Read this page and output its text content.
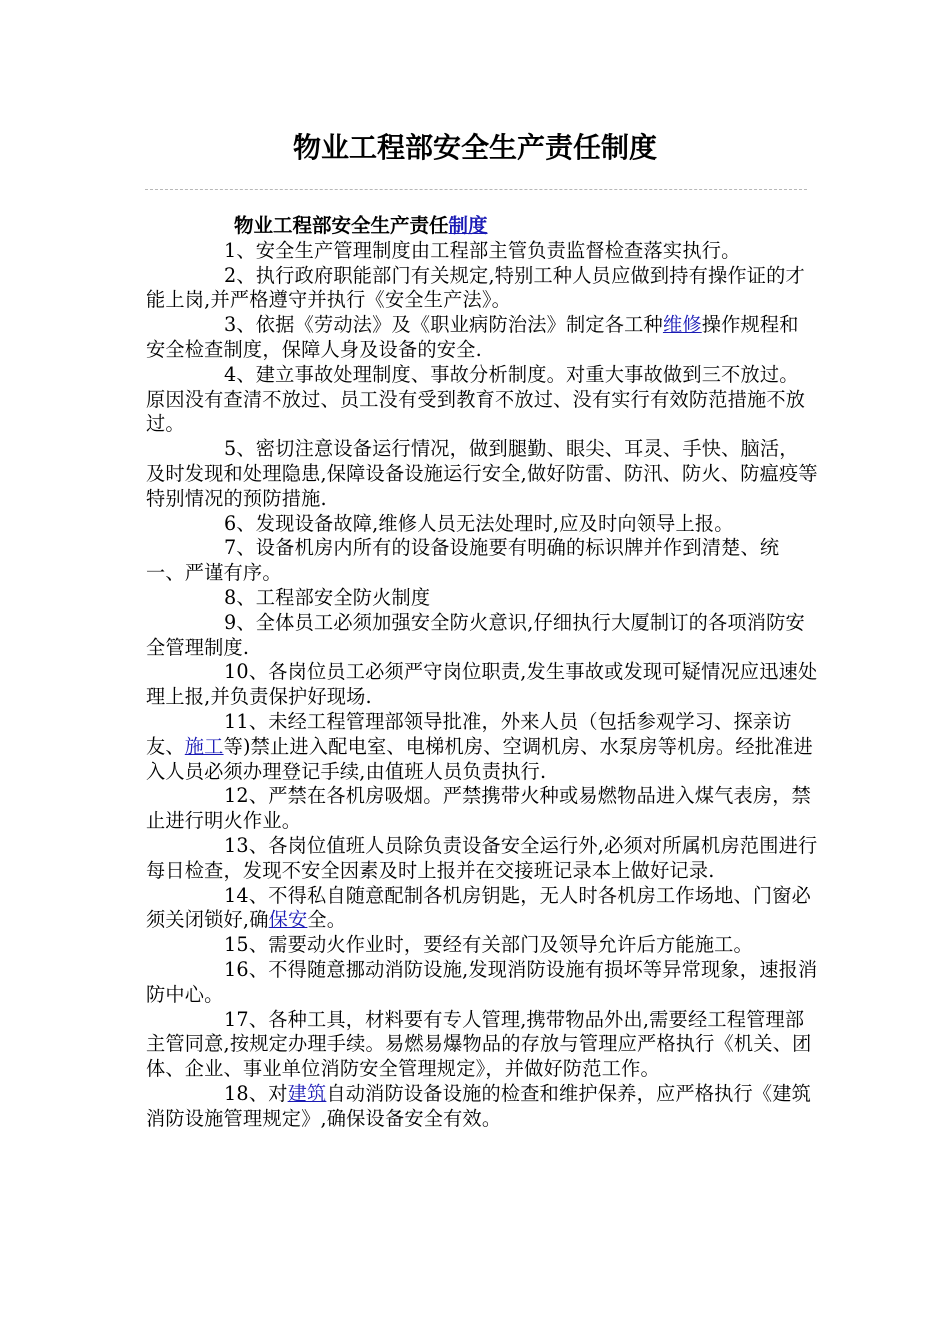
物业工程部安全生产责任制度

物业工程部安全生产责任制度

1、安全生产管理制度由工程部主管负责监督检查落实执行。

2、执行政府职能部门有关规定,特别工种人员应做到持有操作证的才能上岗,并严格遵守并执行《安全生产法》。

3、依据《劳动法》及《职业病防治法》制定各工种维修操作规程和安全检查制度，保障人身及设备的安全.

4、建立事故处理制度、事故分析制度。对重大事故做到三不放过。原因没有查清不放过、员工没有受到教育不放过、没有实行有效防范措施不放过。

5、密切注意设备运行情况，做到腿勤、眼尖、耳灵、手快、脑活，及时发现和处理隐患,保障设备设施运行安全,做好防雷、防汛、防火、防瘟疫等特别情况的预防措施.

6、发现设备故障,维修人员无法处理时,应及时向领导上报。

7、设备机房内所有的设备设施要有明确的标识牌并作到清楚、统一、严谨有序。

8、工程部安全防火制度

9、全体员工必须加强安全防火意识,仔细执行大厦制订的各项消防安全管理制度.

10、各岗位员工必须严守岗位职责,发生事故或发现可疑情况应迅速处理上报,并负责保护好现场.

11、未经工程管理部领导批准，外来人员（包括参观学习、探亲访友、施工等)禁止进入配电室、电梯机房、空调机房、水泵房等机房。经批准进入人员必须办理登记手续,由值班人员负责执行.

12、严禁在各机房吸烟。严禁携带火种或易燃物品进入煤气表房，禁止进行明火作业。

13、各岗位值班人员除负责设备安全运行外,必须对所属机房范围进行每日检查，发现不安全因素及时上报并在交接班记录本上做好记录.

14、不得私自随意配制各机房钥匙，无人时各机房工作场地、门窗必须关闭锁好,确保安全。

15、需要动火作业时，要经有关部门及领导允许后方能施工。

16、不得随意挪动消防设施,发现消防设施有损坏等异常现象，速报消防中心。

17、各种工具，材料要有专人管理,携带物品外出,需要经工程管理部主管同意,按规定办理手续。易燃易爆物品的存放与管理应严格执行《机关、团体、企业、事业单位消防安全管理规定》，并做好防范工作。

18、对建筑自动消防设备设施的检查和维护保养，应严格执行《建筑消防设施管理规定》,确保设备安全有效。
